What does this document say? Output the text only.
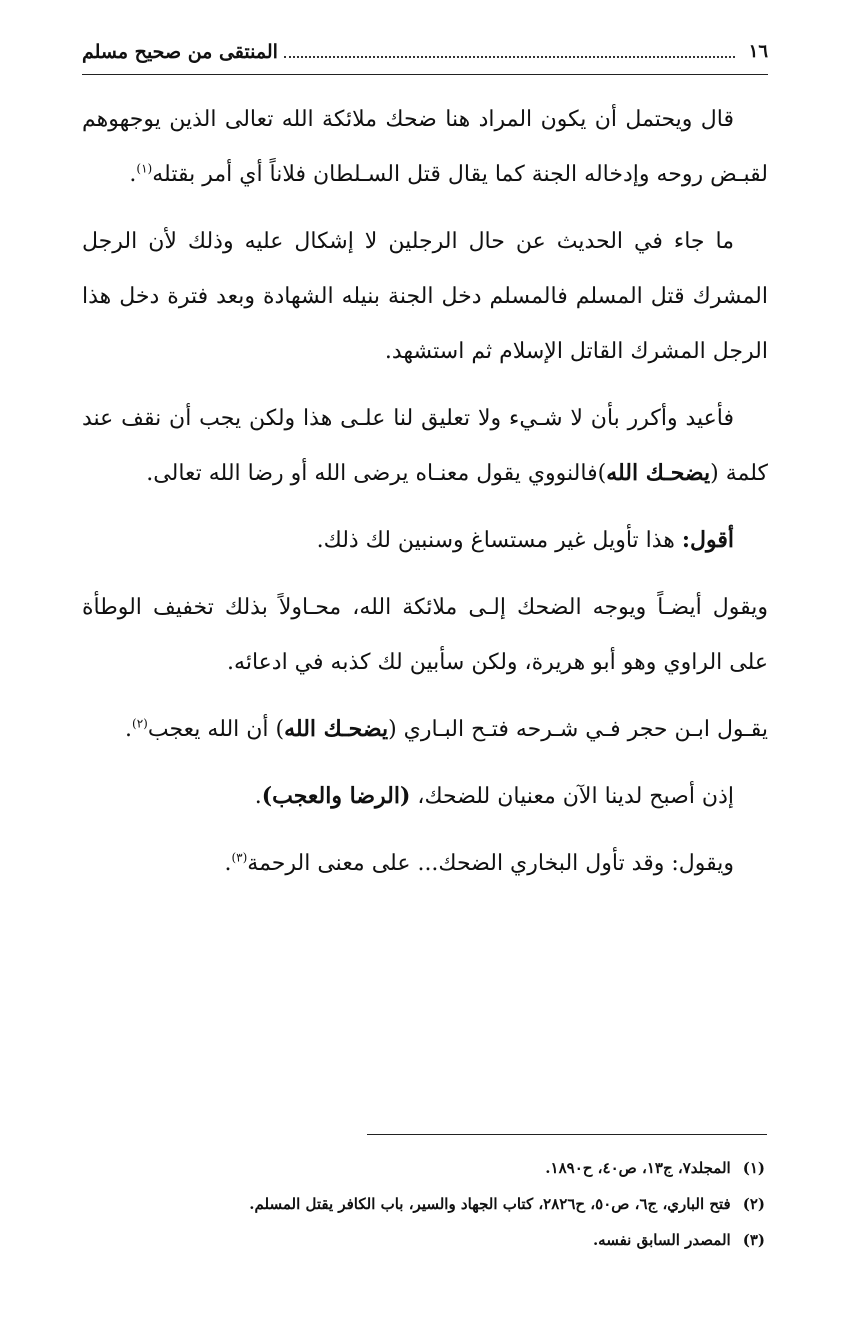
١٦
المنتقى من صحيح مسلم

قال ويحتمل أن يكون المراد هنا ضحك ملائكة الله تعالى الذين يوجهوهم لقبـض روحه وإدخاله الجنة كما يقال قتل السـلطان فلاناً أي أمر بقتله$^{(١)}$.

ما جاء في الحديث عن حال الرجلين لا إشكال عليه وذلك لأن الرجل المشرك قتل المسلم فالمسلم دخل الجنة بنيله الشهادة وبعد فترة دخل هذا الرجل المشرك القاتل الإسلام ثم استشهد.

فأعيد وأكرر بأن لا شـيء ولا تعليق لنا علـى هذا ولكن يجب أن نقف عند كلمة (يضحـك الله)فالنووي يقول معنـاه يرضى الله أو رضا الله تعالى.

أقول: هذا تأويل غير مستساغ وسنبين لك ذلك.

ويقول أيضـاً ويوجه الضحك إلـى ملائكة الله، محـاولاً بذلك تخفيف الوطأة على الراوي وهو أبو هريرة، ولكن سأبين لك كذبه في ادعائه.

يقـول ابـن حجر فـي شـرحه فتـح البـاري (يضحـك الله) أن الله يعجب$^{(٢)}$.

إذن أصبح لدينا الآن معنيان للضحك، (الرضا والعجب).

ويقول: وقد تأول البخاري الضحك... على معنى الرحمة$^{(٣)}$.

(١)
المجلد٧، ج١٣، ص٤٠، ح١٨٩٠.
(٢)
فتح الباري، ج٦، ص٥٠، ح٢٨٢٦، كتاب الجهاد والسير، باب الكافر يقتل المسلم.
(٣)
المصدر السابق نفسه.
